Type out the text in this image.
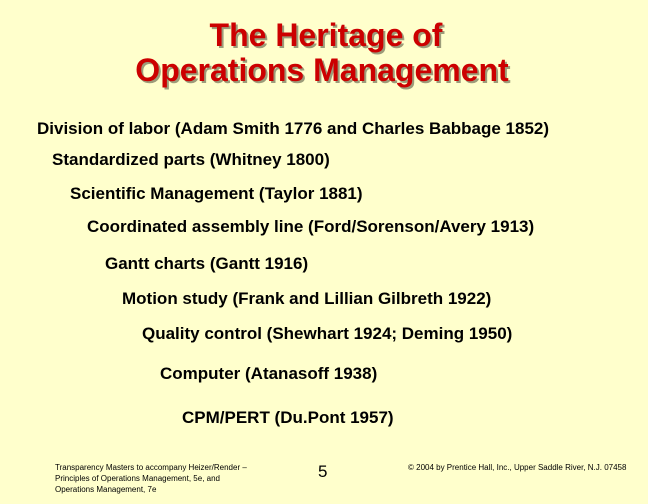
The Heritage of
Operations Management
Division of labor (Adam Smith 1776 and Charles Babbage 1852)
Standardized parts (Whitney 1800)
Scientific Management (Taylor 1881)
Coordinated assembly line (Ford/Sorenson/Avery 1913)
Gantt charts (Gantt 1916)
Motion study (Frank and Lillian Gilbreth 1922)
Quality control (Shewhart 1924; Deming 1950)
Computer (Atanasoff 1938)
CPM/PERT (Du.Pont 1957)
Transparency Masters to accompany Heizer/Render – Principles of Operations Management, 5e, and Operations Management, 7e
5	© 2004 by Prentice Hall, Inc., Upper Saddle River, N.J. 07458
